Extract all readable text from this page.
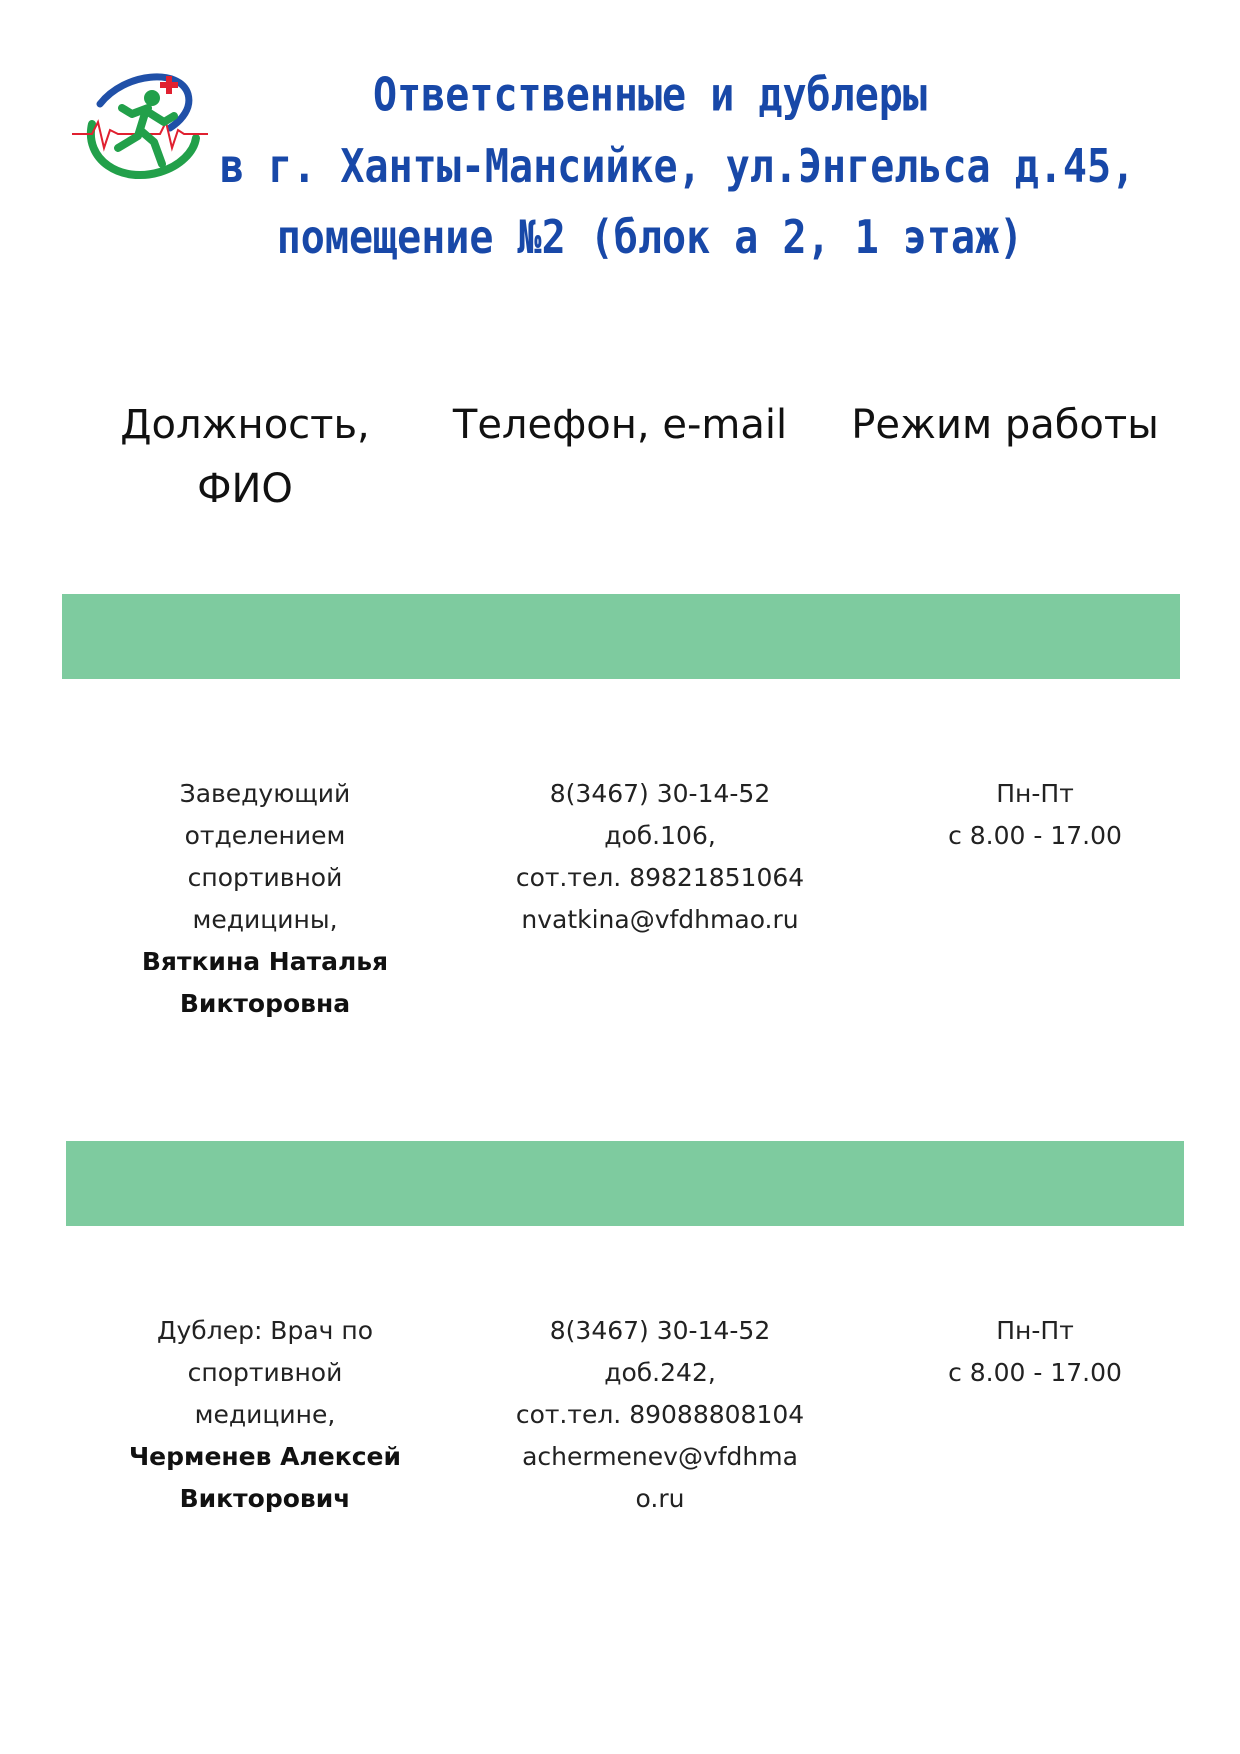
Ответственные и дублеры
в г. Ханты-Мансийке, ул.Энгельса д.45,
помещение №2 (блок а 2, 1 этаж)
Должность,
ФИО
Телефон, e-mail	Режим работы
Заведующий
отделением
спортивной
медицины,
Вяткина Наталья
Викторовна
8(3467) 30-14-52
доб.106,
сот.тел. 89821851064
nvatkina@vfdhmao.ru
Пн-Пт
с 8.00 - 17.00
Дублер: Врач по
спортивной
медицине,
Черменев Алексей
Викторович
8(3467) 30-14-52
доб.242,
сот.тел. 89088808104
achermenev@vfdhma
o.ru
Пн-Пт
с 8.00 - 17.00
